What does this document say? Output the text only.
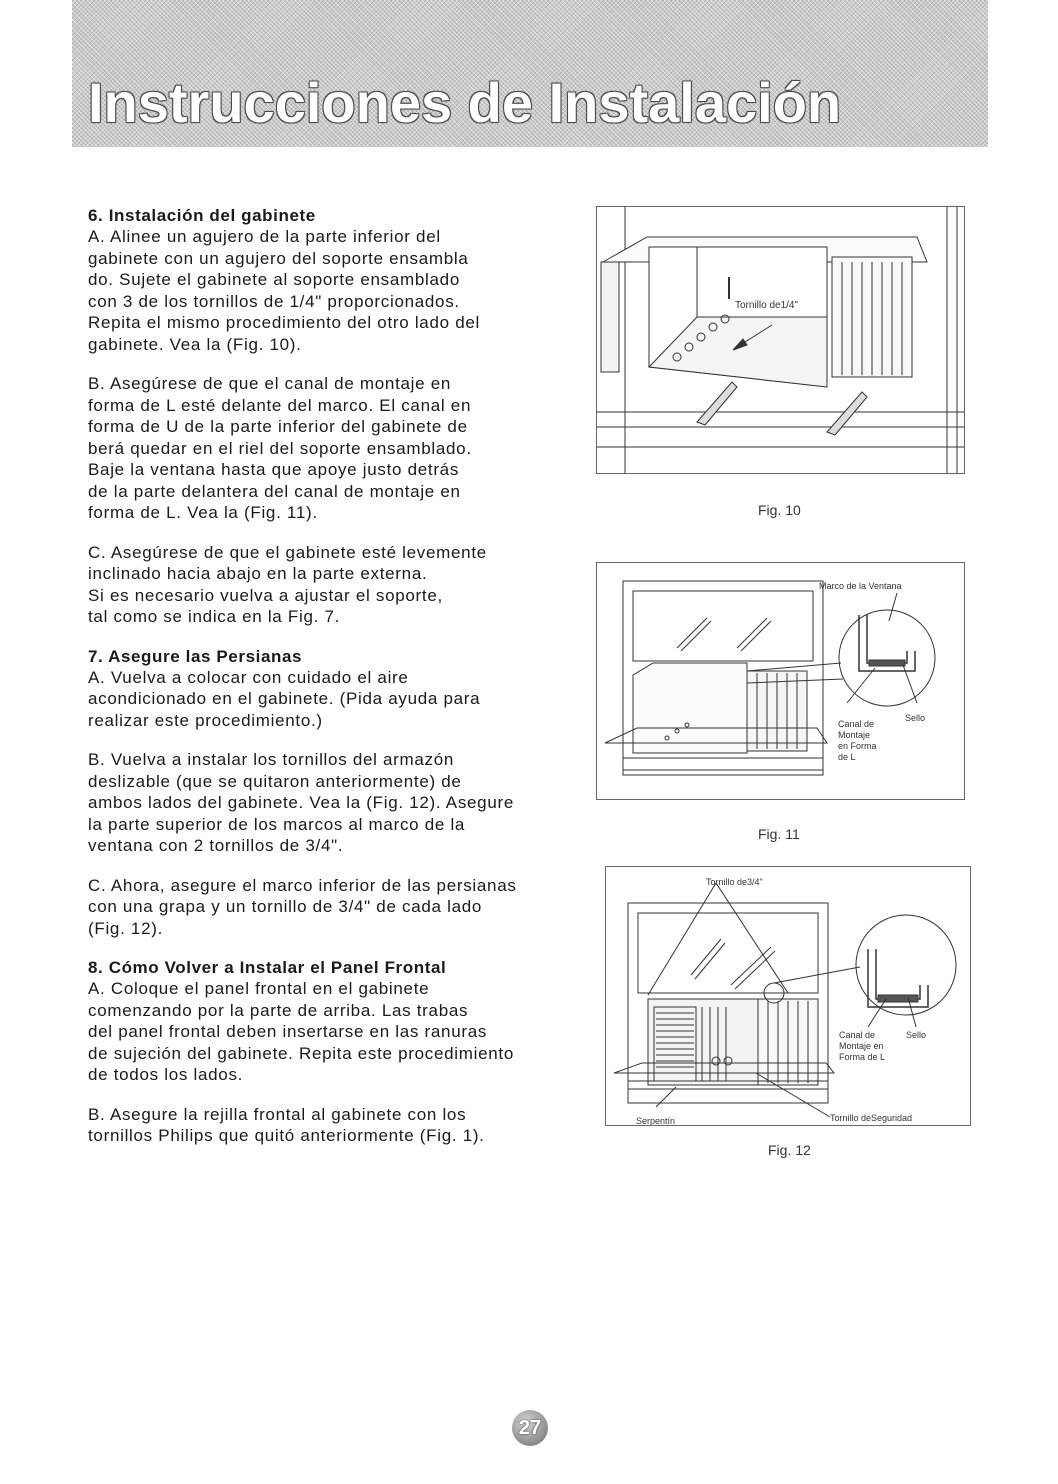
Instrucciones de Instalación

6. Instalación del gabinete

A. Alinee un agujero de la parte inferior del
gabinete con un agujero del soporte ensambla
do. Sujete el gabinete al soporte ensamblado
con 3 de los tornillos de 1/4" proporcionados.
Repita el mismo procedimiento del otro lado del
gabinete. Vea la (Fig. 10).

B. Asegúrese de que el canal de montaje en
forma de L esté delante del marco. El canal en
forma de U de la parte inferior del gabinete de
berá quedar en el riel del soporte ensamblado.
Baje la ventana hasta que apoye justo detrás
de la parte delantera del canal de montaje en
forma de L. Vea la (Fig. 11).

C. Asegúrese de que el gabinete esté levemente
inclinado hacia abajo en la parte externa.
Si es necesario vuelva a ajustar el soporte,
tal como se indica en la Fig. 7.

7. Asegure las Persianas

A. Vuelva a colocar con cuidado el aire
acondicionado en el gabinete. (Pida ayuda para
realizar este procedimiento.)

B. Vuelva a instalar los tornillos del armazón
deslizable (que se quitaron anteriormente) de
ambos lados del gabinete. Vea la (Fig. 12). Asegure
la parte superior de los marcos al marco de la
ventana con 2 tornillos de 3/4".

C. Ahora, asegure el marco inferior de las persianas
con una grapa y un tornillo de 3/4" de cada lado
(Fig. 12).

8. Cómo Volver a Instalar el Panel Frontal

A. Coloque el panel frontal en el gabinete
comenzando por la parte de arriba. Las trabas
del panel frontal deben insertarse en las ranuras
de sujeción del gabinete. Repita este procedimiento
de todos los lados.

B. Asegure la rejilla frontal al gabinete con los
tornillos Philips que quitó anteriormente (Fig. 1).

Tornillo de1/4"
Fig. 10
Marco de la Ventana
Canal de
Montaje
en Forma
de L
Sello
Fig. 11
Tornillo de3/4"
Canal de
Montaje en
Forma de L
Sello
Serpentín	Tornillo deSeguridad
Fig. 12
27
